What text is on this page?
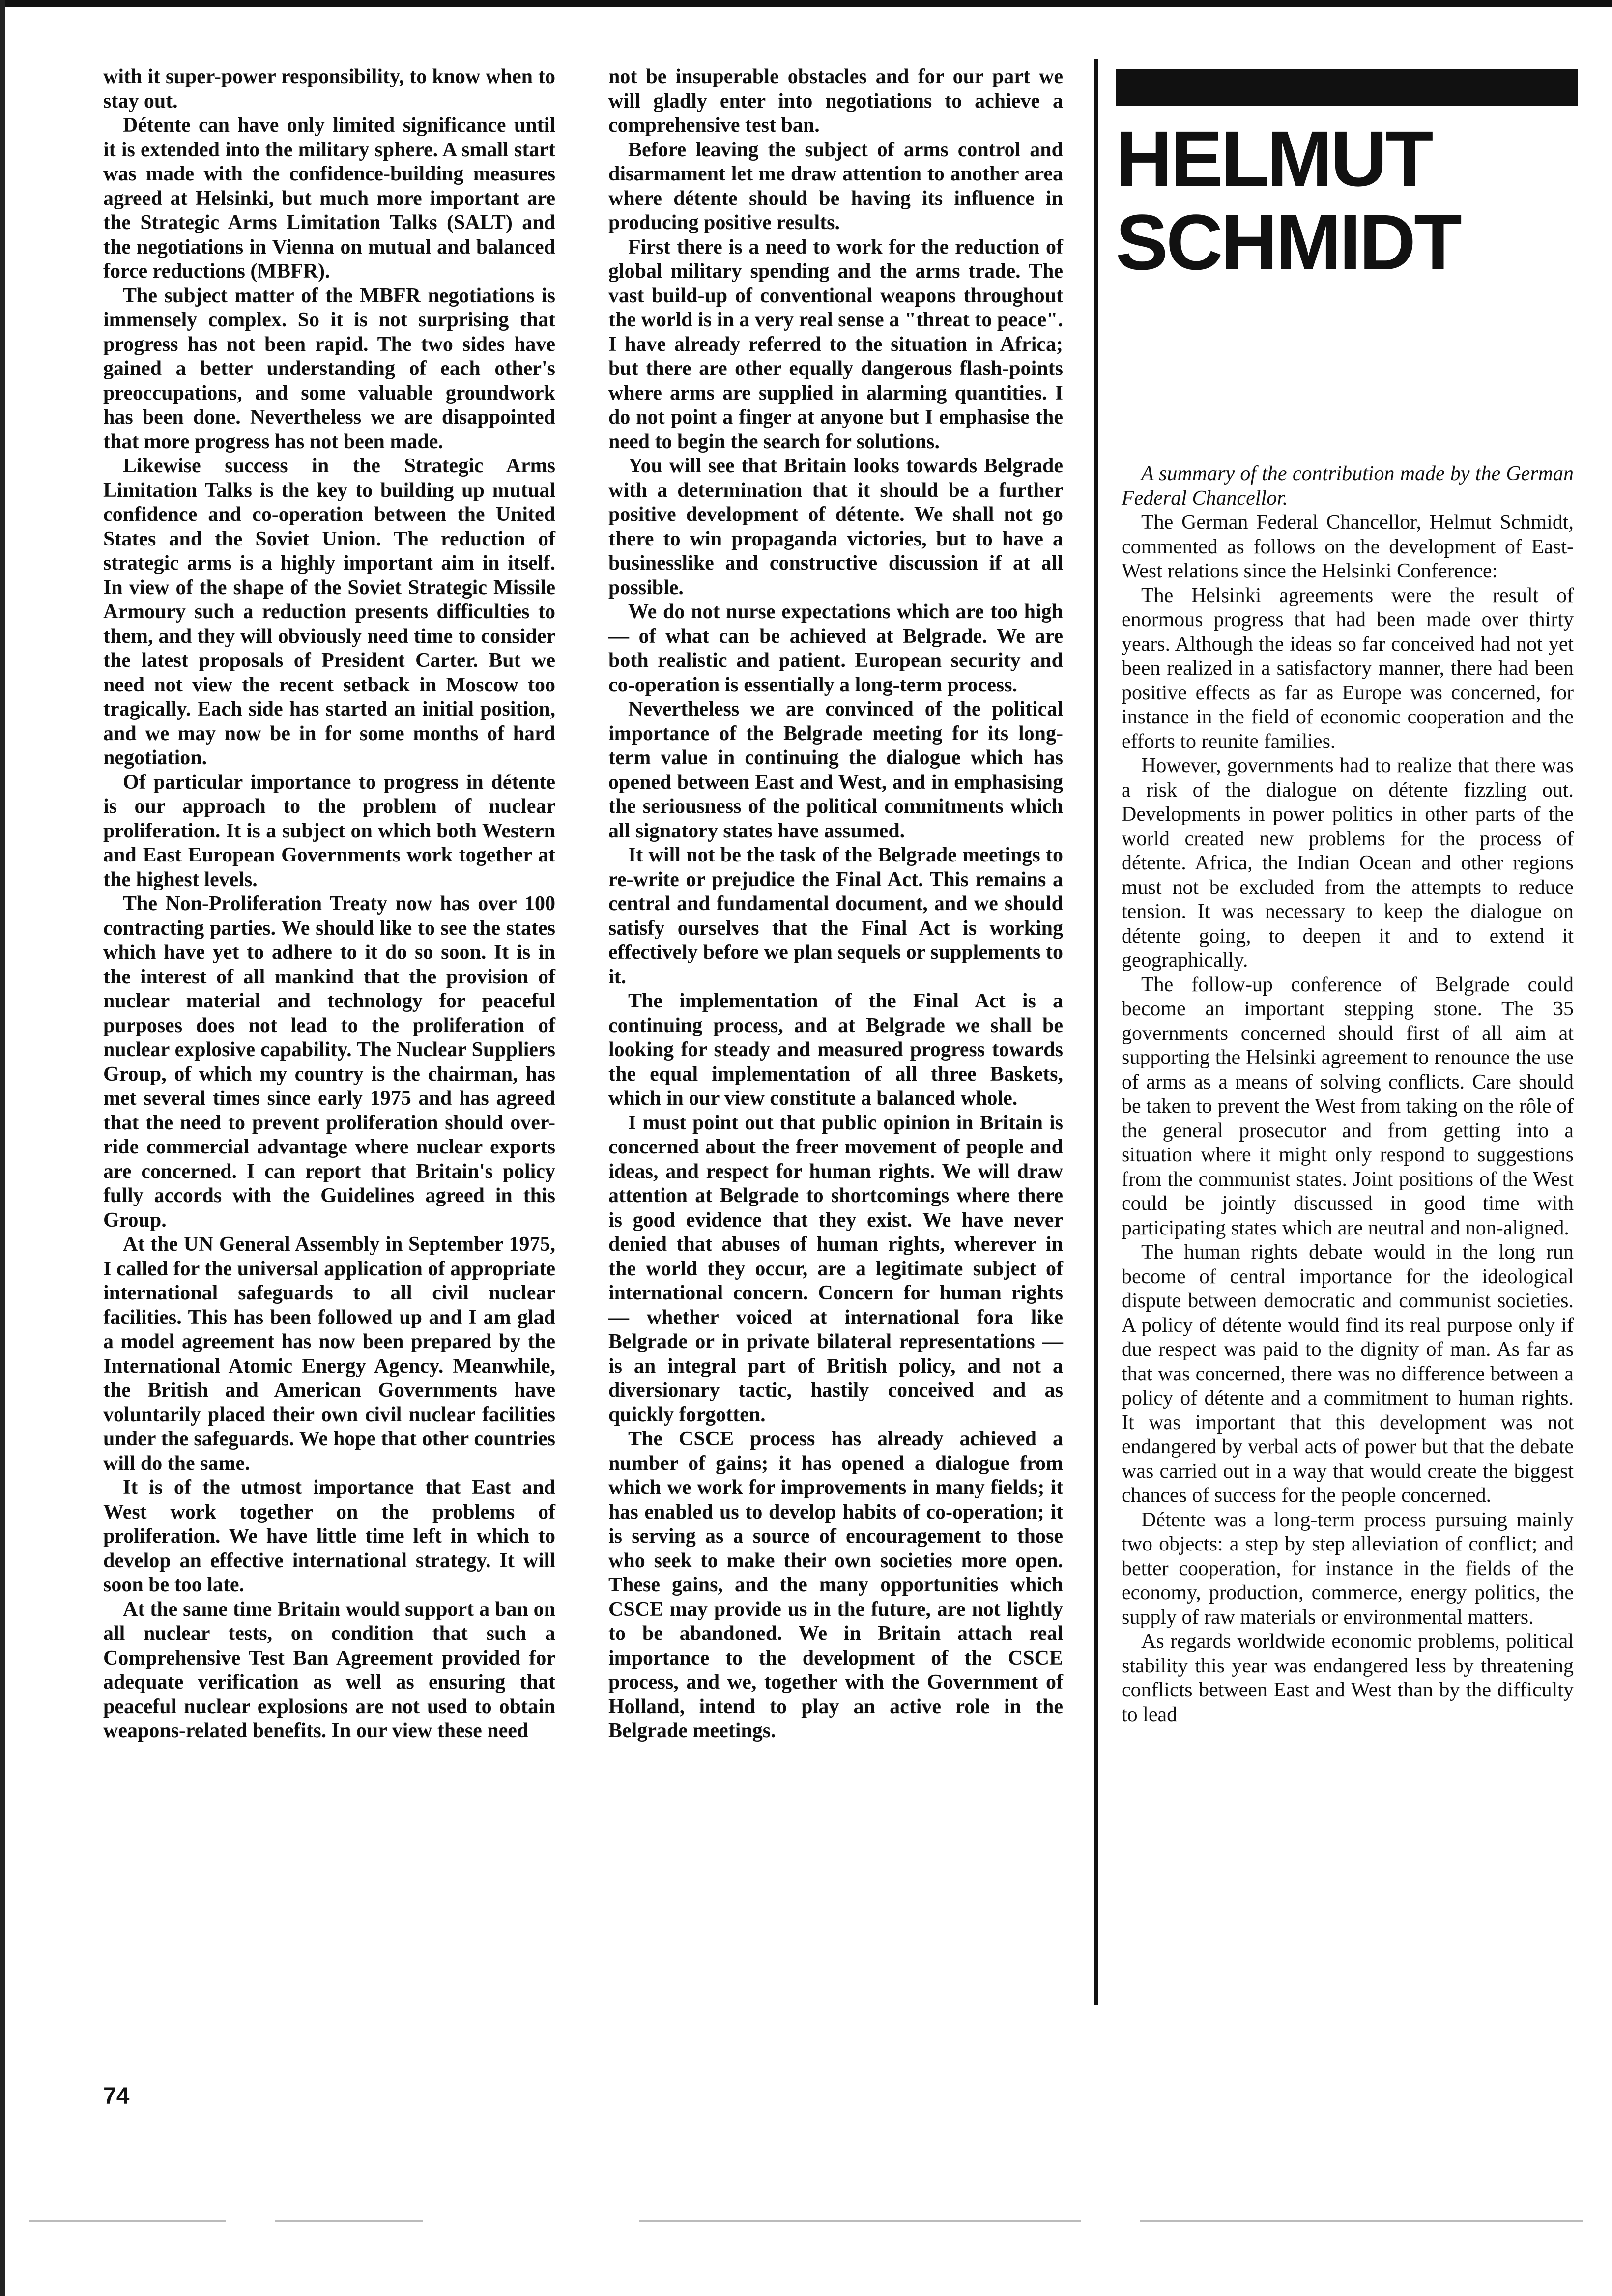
with it super-power responsibility, to know when to stay out.

Détente can have only limited significance until it is extended into the military sphere. A small start was made with the confidence-building measures agreed at Helsinki, but much more important are the Strategic Arms Limitation Talks (SALT) and the negotiations in Vienna on mutual and balanced force reductions (MBFR).

The subject matter of the MBFR negotiations is immensely complex. So it is not surprising that progress has not been rapid. The two sides have gained a better understanding of each other's preoccupations, and some valuable groundwork has been done. Nevertheless we are disappointed that more progress has not been made.

Likewise success in the Strategic Arms Limitation Talks is the key to building up mutual confidence and co-operation between the United States and the Soviet Union. The reduction of strategic arms is a highly important aim in itself. In view of the shape of the Soviet Strategic Missile Armoury such a reduction presents difficulties to them, and they will obviously need time to consider the latest proposals of President Carter. But we need not view the recent setback in Moscow too tragically. Each side has started an initial position, and we may now be in for some months of hard negotiation.

Of particular importance to progress in détente is our approach to the problem of nuclear proliferation. It is a subject on which both Western and East European Governments work together at the highest levels.

The Non-Proliferation Treaty now has over 100 contracting parties. We should like to see the states which have yet to adhere to it do so soon. It is in the interest of all mankind that the provision of nuclear material and technology for peaceful purposes does not lead to the proliferation of nuclear explosive capability. The Nuclear Suppliers Group, of which my country is the chairman, has met several times since early 1975 and has agreed that the need to prevent proliferation should over-ride commercial advantage where nuclear exports are concerned. I can report that Britain's policy fully accords with the Guidelines agreed in this Group.

At the UN General Assembly in September 1975, I called for the universal application of appropriate international safeguards to all civil nuclear facilities. This has been followed up and I am glad a model agreement has now been prepared by the International Atomic Energy Agency. Meanwhile, the British and American Governments have voluntarily placed their own civil nuclear facilities under the safeguards. We hope that other countries will do the same.

It is of the utmost importance that East and West work together on the problems of proliferation. We have little time left in which to develop an effective international strategy. It will soon be too late.

At the same time Britain would support a ban on all nuclear tests, on condition that such a Comprehensive Test Ban Agreement provided for adequate verification as well as ensuring that peaceful nuclear explosions are not used to obtain weapons-related benefits. In our view these need

not be insuperable obstacles and for our part we will gladly enter into negotiations to achieve a comprehensive test ban.

Before leaving the subject of arms control and disarmament let me draw attention to another area where détente should be having its influence in producing positive results.

First there is a need to work for the reduction of global military spending and the arms trade. The vast build-up of conventional weapons throughout the world is in a very real sense a "threat to peace". I have already referred to the situation in Africa; but there are other equally dangerous flash-points where arms are supplied in alarming quantities. I do not point a finger at anyone but I emphasise the need to begin the search for solutions.

You will see that Britain looks towards Belgrade with a determination that it should be a further positive development of détente. We shall not go there to win propaganda victories, but to have a businesslike and constructive discussion if at all possible.

We do not nurse expectations which are too high — of what can be achieved at Belgrade. We are both realistic and patient. European security and co-operation is essentially a long-term process.

Nevertheless we are convinced of the political importance of the Belgrade meeting for its long-term value in continuing the dialogue which has opened between East and West, and in emphasising the seriousness of the political commitments which all signatory states have assumed.

It will not be the task of the Belgrade meetings to re-write or prejudice the Final Act. This remains a central and fundamental document, and we should satisfy ourselves that the Final Act is working effectively before we plan sequels or supplements to it.

The implementation of the Final Act is a continuing process, and at Belgrade we shall be looking for steady and measured progress towards the equal implementation of all three Baskets, which in our view constitute a balanced whole.

I must point out that public opinion in Britain is concerned about the freer movement of people and ideas, and respect for human rights. We will draw attention at Belgrade to shortcomings where there is good evidence that they exist. We have never denied that abuses of human rights, wherever in the world they occur, are a legitimate subject of international concern. Concern for human rights — whether voiced at international fora like Belgrade or in private bilateral representations — is an integral part of British policy, and not a diversionary tactic, hastily conceived and as quickly forgotten.

The CSCE process has already achieved a number of gains; it has opened a dialogue from which we work for improvements in many fields; it has enabled us to develop habits of co-operation; it is serving as a source of encouragement to those who seek to make their own societies more open. These gains, and the many opportunities which CSCE may provide us in the future, are not lightly to be abandoned. We in Britain attach real importance to the development of the CSCE process, and we, together with the Government of Holland, intend to play an active role in the Belgrade meetings.

HELMUT
SCHMIDT

A summary of the contribution made by the German Federal Chancellor.

The German Federal Chancellor, Helmut Schmidt, commented as follows on the development of East-West relations since the Helsinki Conference:

The Helsinki agreements were the result of enormous progress that had been made over thirty years. Although the ideas so far conceived had not yet been realized in a satisfactory manner, there had been positive effects as far as Europe was concerned, for instance in the field of economic cooperation and the efforts to reunite families.

However, governments had to realize that there was a risk of the dialogue on détente fizzling out. Developments in power politics in other parts of the world created new problems for the process of détente. Africa, the Indian Ocean and other regions must not be excluded from the attempts to reduce tension. It was necessary to keep the dialogue on détente going, to deepen it and to extend it geographically.

The follow-up conference of Belgrade could become an important stepping stone. The 35 governments concerned should first of all aim at supporting the Helsinki agreement to renounce the use of arms as a means of solving conflicts. Care should be taken to prevent the West from taking on the rôle of the general prosecutor and from getting into a situation where it might only respond to suggestions from the communist states. Joint positions of the West could be jointly discussed in good time with participating states which are neutral and non-aligned.

The human rights debate would in the long run become of central importance for the ideological dispute between democratic and communist societies. A policy of détente would find its real purpose only if due respect was paid to the dignity of man. As far as that was concerned, there was no difference between a policy of détente and a commitment to human rights. It was important that this development was not endangered by verbal acts of power but that the debate was carried out in a way that would create the biggest chances of success for the people concerned.

Détente was a long-term process pursuing mainly two objects: a step by step alleviation of conflict; and better cooperation, for instance in the fields of the economy, production, commerce, energy politics, the supply of raw materials or environmental matters.

As regards worldwide economic problems, political stability this year was endangered less by threatening conflicts between East and West than by the difficulty to lead

74
